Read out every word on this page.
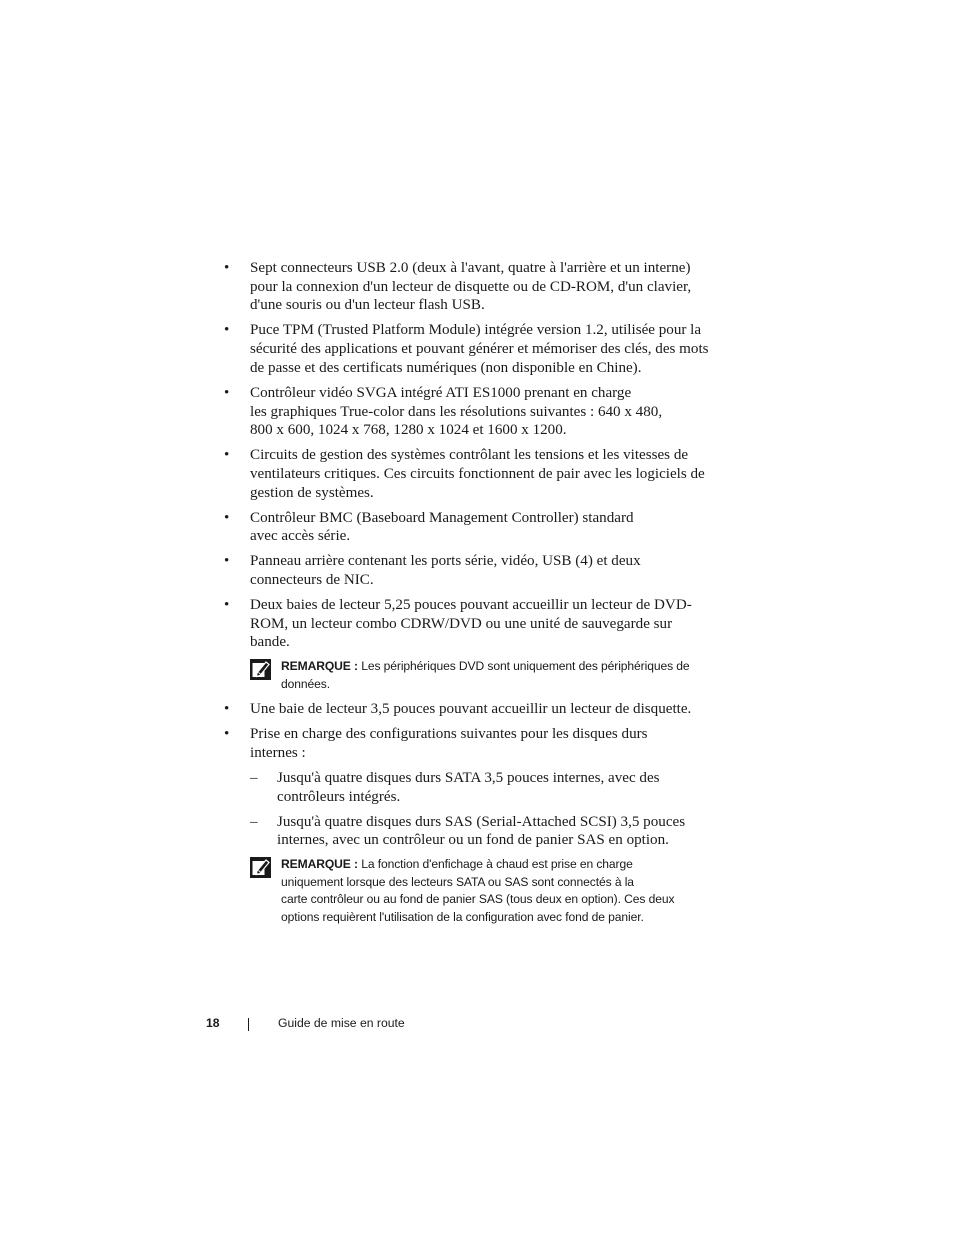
• Sept connecteurs USB 2.0 (deux à l'avant, quatre à l'arrière et un interne) pour la connexion d'un lecteur de disquette ou de CD-ROM, d'un clavier, d'une souris ou d'un lecteur flash USB.
• Puce TPM (Trusted Platform Module) intégrée version 1.2, utilisée pour la sécurité des applications et pouvant générer et mémoriser des clés, des mots de passe et des certificats numériques (non disponible en Chine).
• Contrôleur vidéo SVGA intégré ATI ES1000 prenant en charge
les graphiques True-color dans les résolutions suivantes : 640 x 480,
800 x 600, 1024 x 768, 1280 x 1024 et 1600 x 1200.
• Circuits de gestion des systèmes contrôlant les tensions et les vitesses de ventilateurs critiques. Ces circuits fonctionnent de pair avec les logiciels de gestion de systèmes.
• Contrôleur BMC (Baseboard Management Controller) standard
avec accès série.
• Panneau arrière contenant les ports série, vidéo, USB (4) et deux
connecteurs de NIC.
• Deux baies de lecteur 5,25 pouces pouvant accueillir un lecteur de DVD-ROM, un lecteur combo CDRW/DVD ou une unité de sauvegarde sur bande.
REMARQUE : Les périphériques DVD sont uniquement des périphériques de données.
• Une baie de lecteur 3,5 pouces pouvant accueillir un lecteur de disquette.
• Prise en charge des configurations suivantes pour les disques durs
internes :
– Jusqu'à quatre disques durs SATA 3,5 pouces internes, avec des contrôleurs intégrés.
– Jusqu'à quatre disques durs SAS (Serial-Attached SCSI) 3,5 pouces internes, avec un contrôleur ou un fond de panier SAS en option.
REMARQUE : La fonction d'enfichage à chaud est prise en charge
uniquement lorsque des lecteurs SATA ou SAS sont connectés à la
carte contrôleur ou au fond de panier SAS (tous deux en option). Ces deux
options requièrent l'utilisation de la configuration avec fond de panier.
18	Guide de mise en route
